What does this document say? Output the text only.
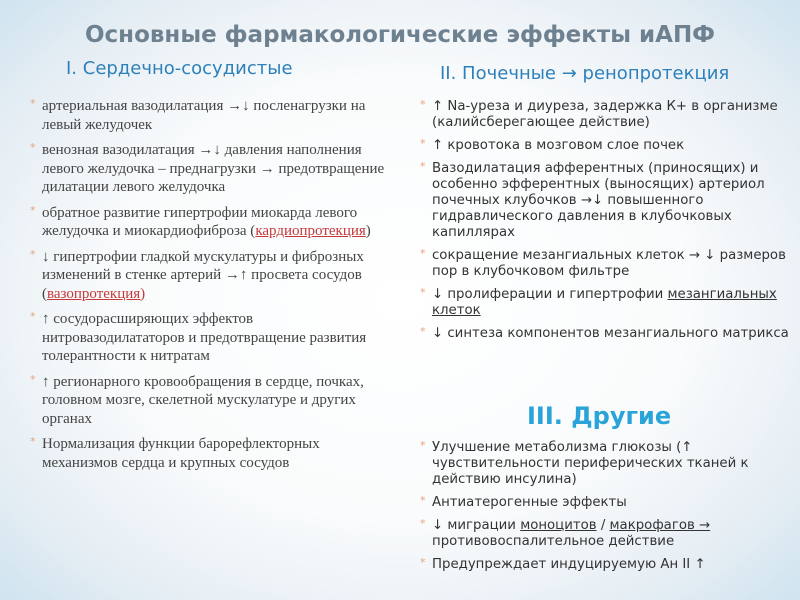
Основные фармакологические эффекты иАПФ
I. Сердечно-сосудистые	II. Почечные → ренопротекция
* артериальная вазодилатация →↓ посленагрузки на левый желудочек
* венозная вазодилатация →↓ давления наполнения левого желудочка – преднагрузки → предотвращение дилатации левого желудочка
* обратное развитие гипертрофии миокарда левого желудочка и миокардиофиброза (кардиопротекция)
* ↓ гипертрофии гладкой мускулатуры и фиброзных изменений в стенке артерий →↑ просвета сосудов (вазопротекция)
* ↑ сосудорасширяющих эффектов нитровазодилататоров и предотвращение развития толерантности к нитратам
* ↑ регионарного кровообращения в сердце, почках, головном мозге, скелетной мускулатуре и других органах
* Нормализация функции барорефлекторных механизмов сердца и крупных сосудов
* ↑ Na-уреза и диуреза, задержка К+ в организме (калийсберегающее действие)
* ↑ кровотока в мозговом слое почек
* Вазодилатация афферентных (приносящих) и особенно эфферентных (выносящих) артериол почечных клубочков →↓ повышенного гидравлического давления в клубочковых капиллярах
* сокращение мезангиальных клеток → ↓ размеров пор в клубочковом фильтре
* ↓ пролиферации и гипертрофии мезангиальных клеток
* ↓ синтеза компонентов мезангиального матрикса
III. Другие
* Улучшение метаболизма глюкозы (↑ чувствительности периферических тканей к действию инсулина)
* Антиатерогенные эффекты
* ↓ миграции моноцитов / макрофагов → противовоспалительное действие
* Предупреждает индуцируемую Ан II ↑
